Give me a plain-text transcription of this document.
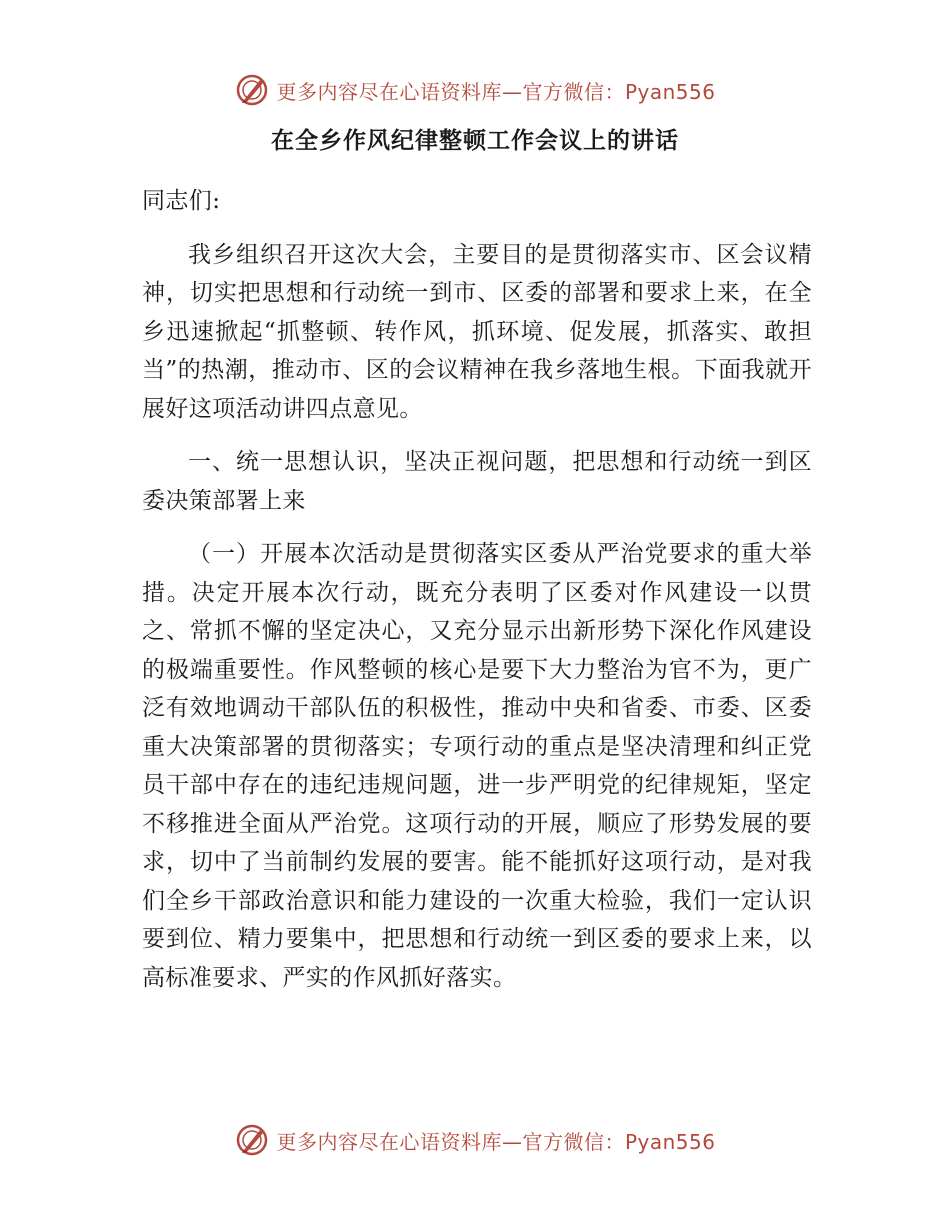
更多内容尽在心语资料库—官方微信：Pyan556
在全乡作风纪律整顿工作会议上的讲话

同志们:

我乡组织召开这次大会，主要目的是贯彻落实市、区会议精神，切实把思想和行动统一到市、区委的部署和要求上来，在全乡迅速掀起“抓整顿、转作风，抓环境、促发展，抓落实、敢担当”的热潮，推动市、区的会议精神在我乡落地生根。下面我就开展好这项活动讲四点意见。

一、统一思想认识，坚决正视问题，把思想和行动统一到区委决策部署上来

（一）开展本次活动是贯彻落实区委从严治党要求的重大举措。决定开展本次行动，既充分表明了区委对作风建设一以贯之、常抓不懈的坚定决心，又充分显示出新形势下深化作风建设的极端重要性。作风整顿的核心是要下大力整治为官不为，更广泛有效地调动干部队伍的积极性，推动中央和省委、市委、区委重大决策部署的贯彻落实；专项行动的重点是坚决清理和纠正党员干部中存在的违纪违规问题，进一步严明党的纪律规矩，坚定不移推进全面从严治党。这项行动的开展，顺应了形势发展的要求，切中了当前制约发展的要害。能不能抓好这项行动，是对我们全乡干部政治意识和能力建设的一次重大检验，我们一定认识要到位、精力要集中，把思想和行动统一到区委的要求上来，以高标准要求、严实的作风抓好落实。

更多内容尽在心语资料库—官方微信：Pyan556
